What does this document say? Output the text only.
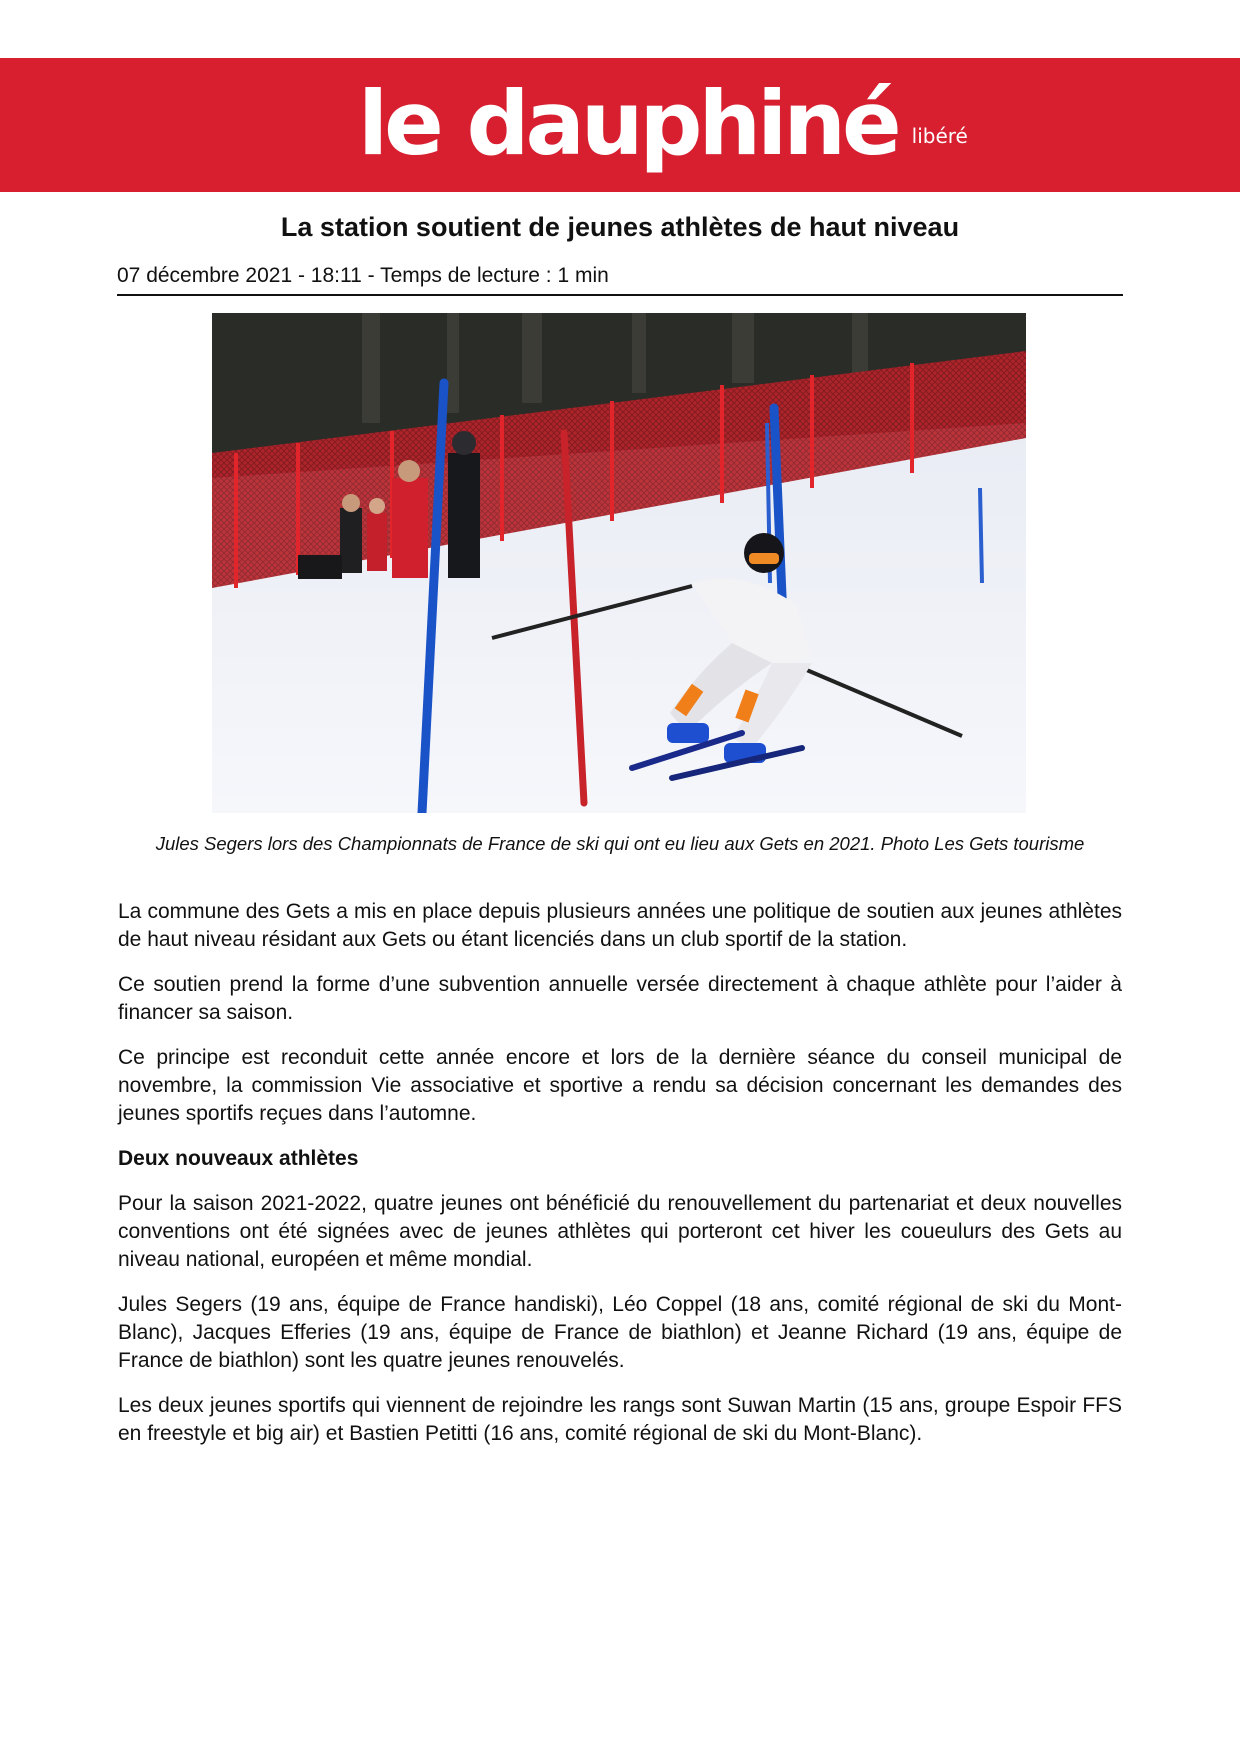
le dauphiné libéré
La station soutient de jeunes athlètes de haut niveau
07 décembre 2021 - 18:11 - Temps de lecture : 1 min

Jules Segers lors des Championnats de France de ski qui ont eu lieu aux Gets en 2021. Photo Les Gets tourisme

La commune des Gets a mis en place depuis plusieurs années une politique de soutien aux jeunes athlètes de haut niveau résidant aux Gets ou étant licenciés dans un club sportif de la station.

Ce soutien prend la forme d’une subvention annuelle versée directement à chaque athlète pour l’aider à financer sa saison.

Ce principe est reconduit cette année encore et lors de la dernière séance du conseil municipal de novembre, la commission Vie associative et sportive a rendu sa décision concernant les demandes des jeunes sportifs reçues dans l’automne.

Deux nouveaux athlètes

Pour la saison 2021-2022, quatre jeunes ont bénéficié du renouvellement du partenariat et deux nouvelles conventions ont été signées avec de jeunes athlètes qui porteront cet hiver les coueulurs des Gets au niveau national, européen et même mondial.

Jules Segers (19 ans, équipe de France handiski), Léo Coppel (18 ans, comité régional de ski du Mont-Blanc), Jacques Efferies (19 ans, équipe de France de biathlon) et Jeanne Richard (19 ans, équipe de France de biathlon) sont les quatre jeunes renouvelés.

Les deux jeunes sportifs qui viennent de rejoindre les rangs sont Suwan Martin (15 ans, groupe Espoir FFS en freestyle et big air) et Bastien Petitti (16 ans, comité régional de ski du Mont-Blanc).
